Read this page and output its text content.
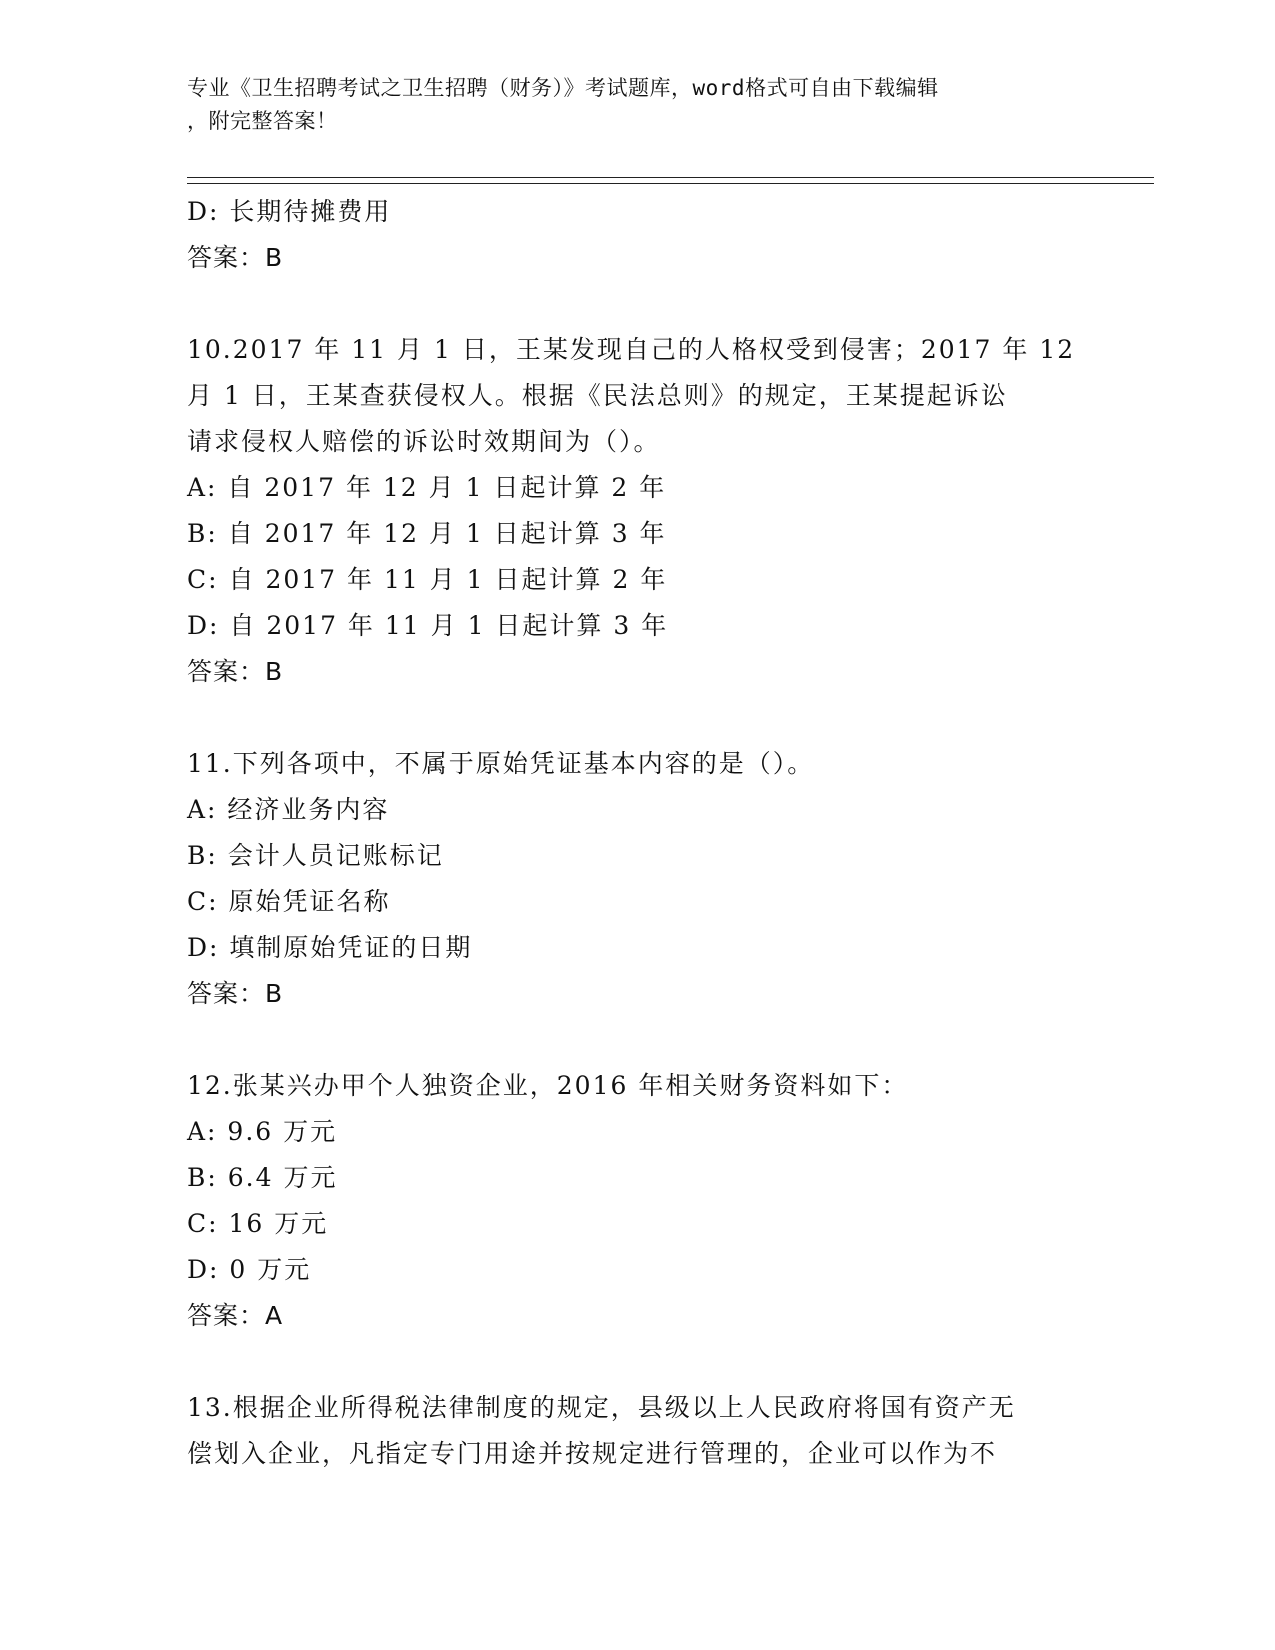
专业《卫生招聘考试之卫生招聘（财务）》考试题库，word格式可自由下载编辑
，附完整答案！
D: 长期待摊费用
答案：B
10.2017 年 11 月 1 日，王某发现自己的人格权受到侵害；2017 年 12
月 1 日，王某查获侵权人。根据《民法总则》的规定，王某提起诉讼
请求侵权人赔偿的诉讼时效期间为（）。
A: 自 2017 年 12 月 1 日起计算 2 年
B: 自 2017 年 12 月 1 日起计算 3 年
C: 自 2017 年 11 月 1 日起计算 2 年
D: 自 2017 年 11 月 1 日起计算 3 年
答案：B
11.下列各项中，不属于原始凭证基本内容的是（）。
A: 经济业务内容
B: 会计人员记账标记
C: 原始凭证名称
D: 填制原始凭证的日期
答案：B
12.张某兴办甲个人独资企业，2016 年相关财务资料如下：
A: 9.6 万元
B: 6.4 万元
C: 16 万元
D: 0 万元
答案：A
13.根据企业所得税法律制度的规定，县级以上人民政府将国有资产无
偿划入企业，凡指定专门用途并按规定进行管理的，企业可以作为不
